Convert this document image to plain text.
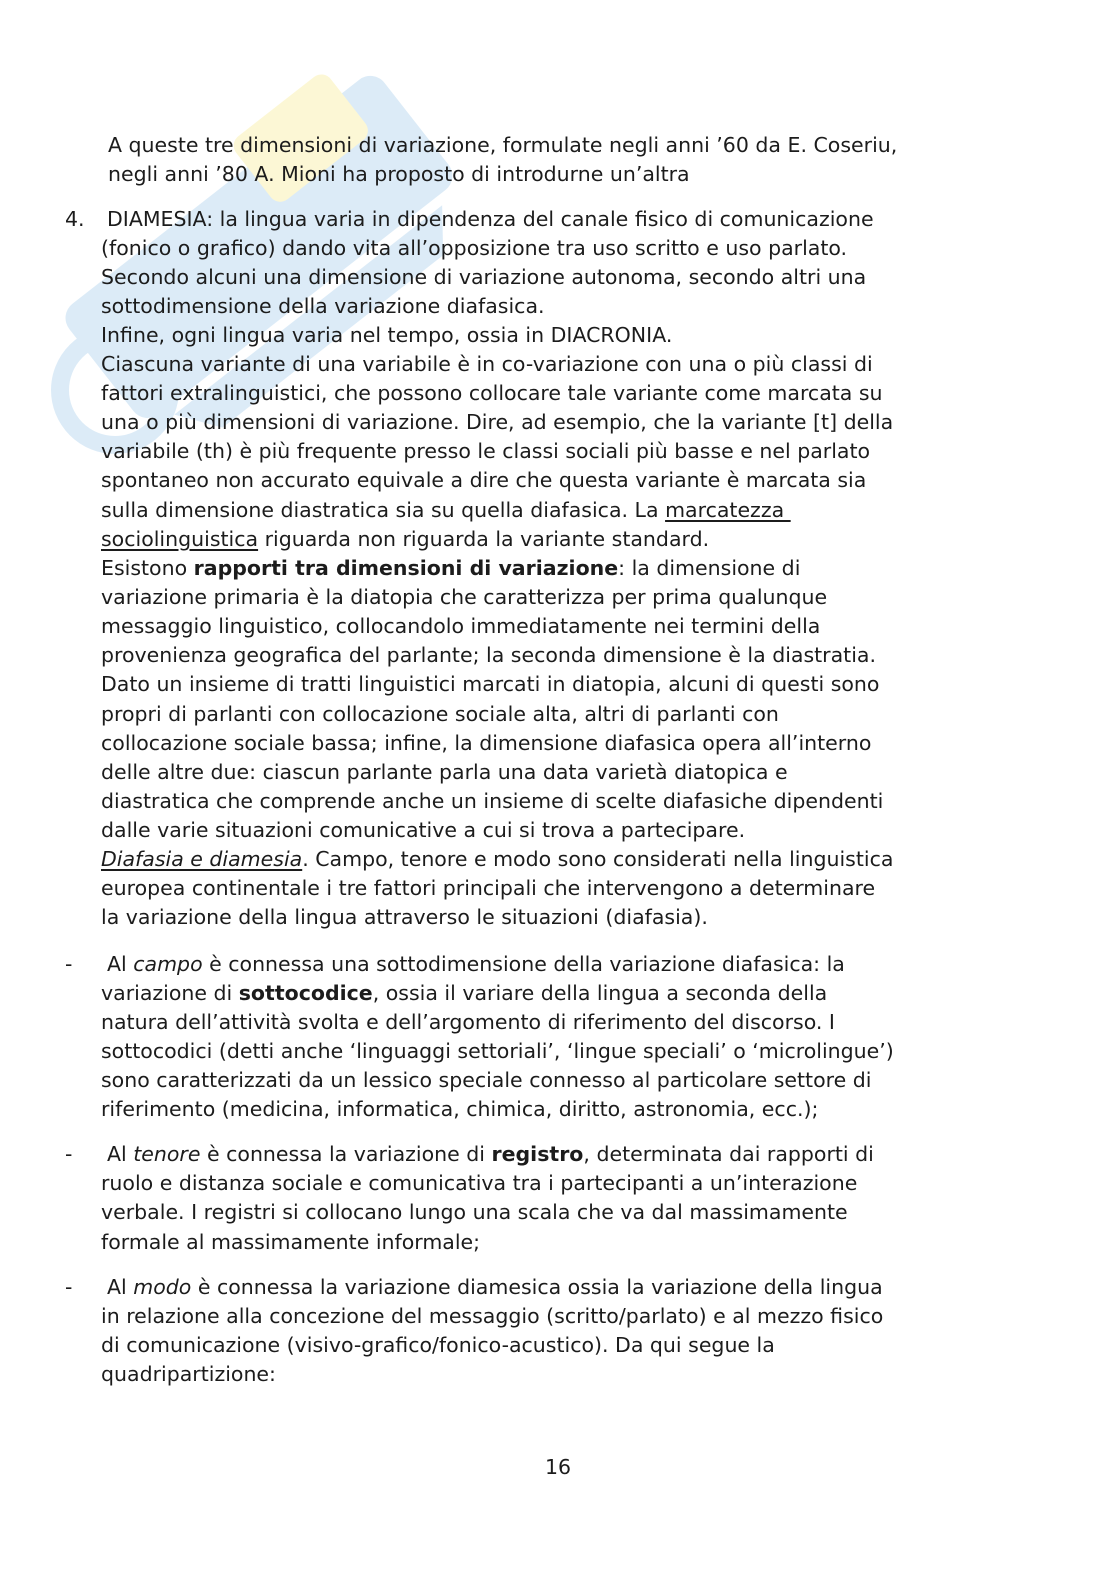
A queste tre dimensioni di variazione, formulate negli anni ’60 da E. Coseriu,
negli anni ’80 A. Mioni ha proposto di introdurne un’altra
4. DIAMESIA: la lingua varia in dipendenza del canale fisico di comunicazione
(fonico o grafico) dando vita all’opposizione tra uso scritto e uso parlato.
Secondo alcuni una dimensione di variazione autonoma, secondo altri una
sottodimensione della variazione diafasica.
Infine, ogni lingua varia nel tempo, ossia in DIACRONIA.
Ciascuna variante di una variabile è in co-variazione con una o più classi di
fattori extralinguistici, che possono collocare tale variante come marcata su
una o più dimensioni di variazione. Dire, ad esempio, che la variante [t] della
variabile (th) è più frequente presso le classi sociali più basse e nel parlato
spontaneo non accurato equivale a dire che questa variante è marcata sia
sulla dimensione diastratica sia su quella diafasica. La marcatezza
sociolinguistica riguarda non riguarda la variante standard.
Esistono rapporti tra dimensioni di variazione: la dimensione di
variazione primaria è la diatopia che caratterizza per prima qualunque
messaggio linguistico, collocandolo immediatamente nei termini della
provenienza geografica del parlante; la seconda dimensione è la diastratia.
Dato un insieme di tratti linguistici marcati in diatopia, alcuni di questi sono
propri di parlanti con collocazione sociale alta, altri di parlanti con
collocazione sociale bassa; infine, la dimensione diafasica opera all’interno
delle altre due: ciascun parlante parla una data varietà diatopica e
diastratica che comprende anche un insieme di scelte diafasiche dipendenti
dalle varie situazioni comunicative a cui si trova a partecipare.
Diafasia e diamesia. Campo, tenore e modo sono considerati nella linguistica
europea continentale i tre fattori principali che intervengono a determinare
la variazione della lingua attraverso le situazioni (diafasia).
- Al campo è connessa una sottodimensione della variazione diafasica: la
variazione di sottocodice, ossia il variare della lingua a seconda della
natura dell’attività svolta e dell’argomento di riferimento del discorso. I
sottocodici (detti anche ‘linguaggi settoriali’, ‘lingue speciali’ o ‘microlingue’)
sono caratterizzati da un lessico speciale connesso al particolare settore di
riferimento (medicina, informatica, chimica, diritto, astronomia, ecc.);
- Al tenore è connessa la variazione di registro, determinata dai rapporti di
ruolo e distanza sociale e comunicativa tra i partecipanti a un’interazione
verbale. I registri si collocano lungo una scala che va dal massimamente
formale al massimamente informale;
- Al modo è connessa la variazione diamesica ossia la variazione della lingua
in relazione alla concezione del messaggio (scritto/parlato) e al mezzo fisico
di comunicazione (visivo-grafico/fonico-acustico). Da qui segue la
quadripartizione:
16
